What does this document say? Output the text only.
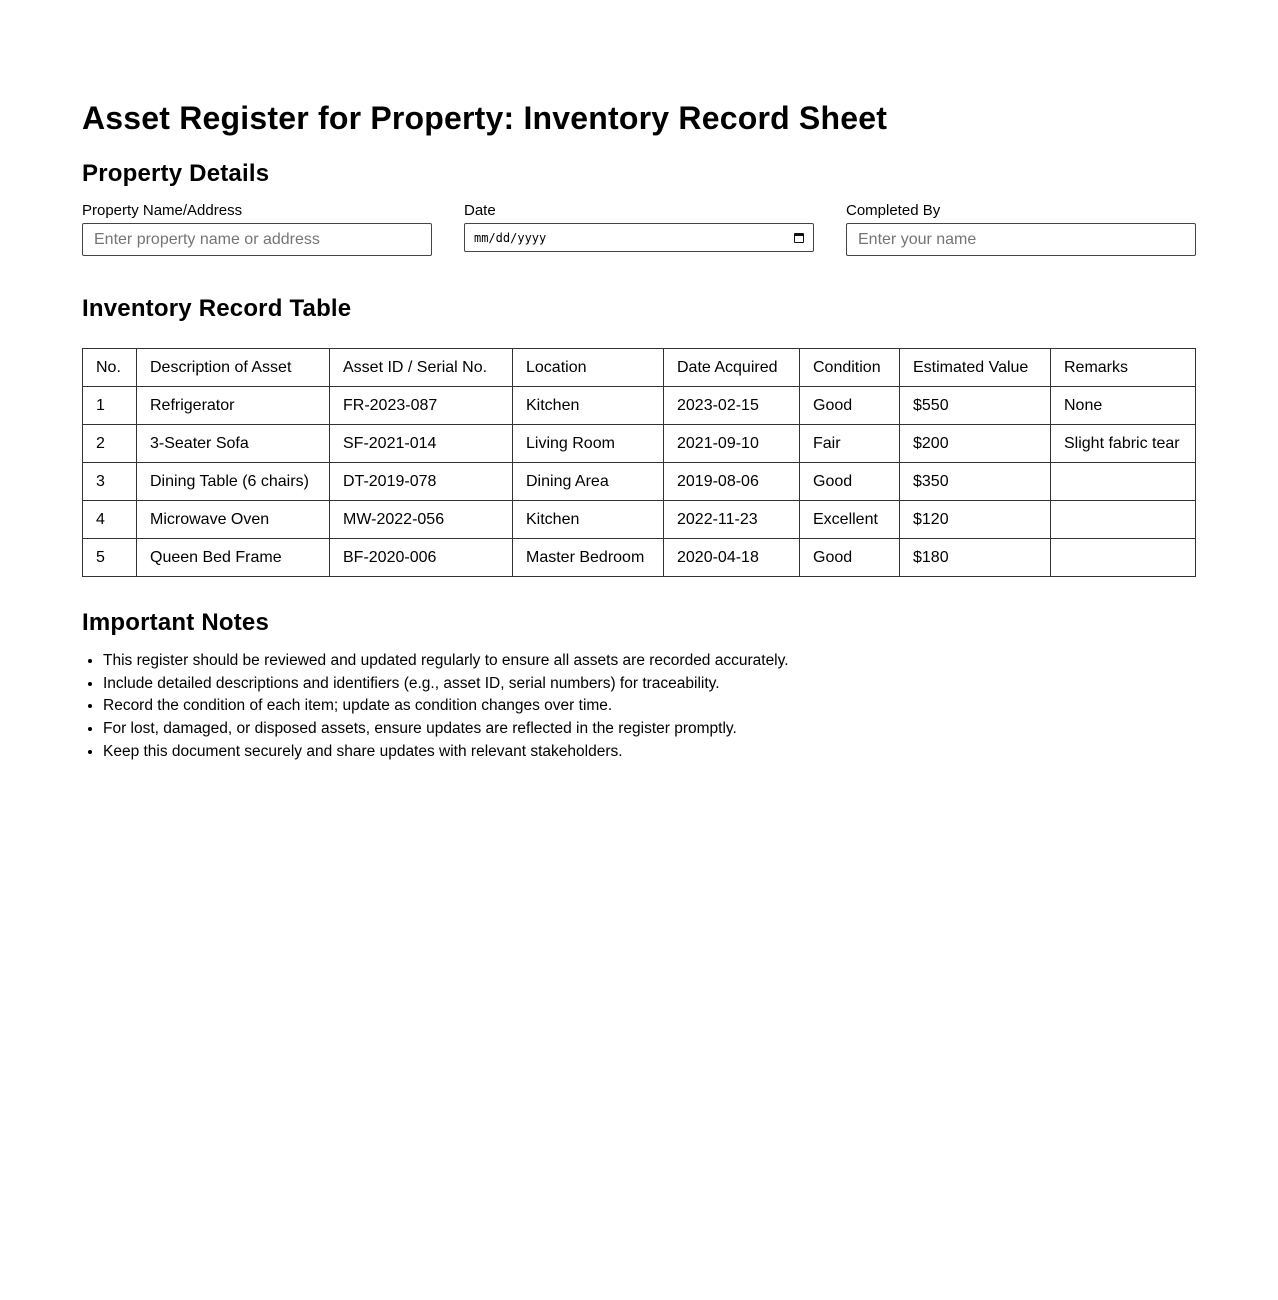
Asset Register for Property: Inventory Record Sheet
Property Details
Property Name/Address
Enter property name or address	Date
mm/dd/yyyy
Completed By
Enter your name
Inventory Record Table
No.	Description of Asset	Asset ID / Serial No.	Location	Date Acquired	Condition	Estimated Value	Remarks
1	Refrigerator	FR-2023-087	Kitchen	2023-02-15	Good	$550	None
2	3-Seater Sofa	SF-2021-014	Living Room	2021-09-10	Fair	$200	Slight fabric tear
3	Dining Table (6 chairs)	DT-2019-078	Dining Area	2019-08-06	Good	$350	
4	Microwave Oven	MW-2022-056	Kitchen	2022-11-23	Excellent	$120	
5	Queen Bed Frame	BF-2020-006	Master Bedroom	2020-04-18	Good	$180	
Important Notes
• This register should be reviewed and updated regularly to ensure all assets are recorded accurately.
• Include detailed descriptions and identifiers (e.g., asset ID, serial numbers) for traceability.
• Record the condition of each item; update as condition changes over time.
• For lost, damaged, or disposed assets, ensure updates are reflected in the register promptly.
• Keep this document securely and share updates with relevant stakeholders.
